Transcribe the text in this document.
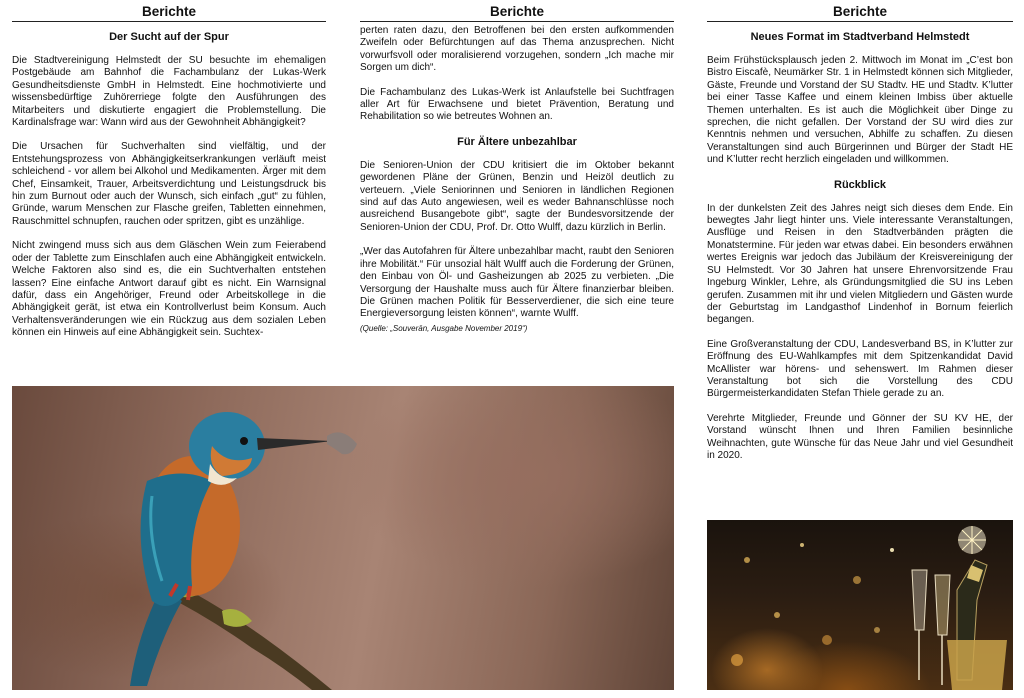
Berichte
Der Sucht auf der Spur

Die Stadtvereinigung Helmstedt der SU besuchte im ehemaligen Postgebäude am Bahnhof die Fachambulanz der Lukas-Werk Gesundheitsdienste GmbH in Helmstedt. Eine hochmotivierte und wissensbedürftige Zuhörerriege folgte den Ausführungen des Mitarbeiters und diskutierte engagiert die Problemstellung. Die Kardinalsfrage war: Wann wird aus der Gewohnheit Abhängigkeit?

Die Ursachen für Suchverhalten sind vielfältig, und der Entstehungsprozess von Abhängigkeitserkrankungen verläuft meist schleichend - vor allem bei Alkohol und Medikamenten. Ärger mit dem Chef, Einsamkeit, Trauer, Arbeitsverdichtung und Leistungsdruck bis hin zum Burnout oder auch der Wunsch, sich einfach „gut“ zu fühlen, Gründe, warum Menschen zur Flasche greifen, Tabletten einnehmen, Rauschmittel schnupfen, rauchen oder spritzen, gibt es unzählige.

Nicht zwingend muss sich aus dem Gläschen Wein zum Feierabend oder der Tablette zum Einschlafen auch eine Abhängigkeit entwickeln. Welche Faktoren also sind es, die ein Suchtverhalten entstehen lassen? Eine einfache Antwort darauf gibt es nicht. Ein Warnsignal dafür, dass ein Angehöriger, Freund oder Arbeitskollege in die Abhängigkeit gerät, ist etwa ein Kontrollverlust beim Konsum. Auch Verhaltensveränderungen wie ein Rückzug aus dem sozialen Leben können ein Hinweis auf eine Abhängigkeit sein. Suchtex-

Berichte

perten raten dazu, den Betroffenen bei den ersten aufkommenden Zweifeln oder Befürchtungen auf das Thema anzusprechen. Nicht vorwurfsvoll oder moralisierend vorzugehen, sondern „Ich mache mir Sorgen um dich“.

Die Fachambulanz des Lukas-Werk ist Anlaufstelle bei Suchtfragen aller Art für Erwachsene und bietet Prävention, Beratung und Rehabilitation so wie betreutes Wohnen an.

Für Ältere unbezahlbar

Die Senioren-Union der CDU kritisiert die im Oktober bekannt gewordenen Pläne der Grünen, Benzin und Heizöl deutlich zu verteuern. „Viele Seniorinnen und Senioren in ländlichen Regionen sind auf das Auto angewiesen, weil es weder Bahnanschlüsse noch ausreichend Busangebote gibt“, sagte der Bundesvorsitzende der Senioren-Union der CDU, Prof. Dr. Otto Wulff, dazu kürzlich in Berlin.

„Wer das Autofahren für Ältere unbezahlbar macht, raubt den Senioren ihre Mobilität.“ Für unsozial hält Wulff auch die Forderung der Grünen, den Einbau von Öl- und Gasheizungen ab 2025 zu verbieten. „Die Versorgung der Haushalte muss auch für Ältere finanzierbar bleiben. Die Grünen machen Politik für Besserverdiener, die sich eine teure Energieversorgung leisten können“, warnte Wulff.

(Quelle: „Souverän, Ausgabe November 2019“)

Berichte
Neues Format im Stadtverband Helmstedt

Beim Frühstücksplausch jeden 2. Mittwoch im Monat im „C’est bon Bistro Eiscafè, Neumärker Str. 1 in Helmstedt können sich Mitglieder, Gäste, Freunde und Vorstand der SU Stadtv. HE und Stadtv. K’lutter bei einer Tasse Kaffee und einem kleinen Imbiss über aktuelle Themen unterhalten. Es ist auch die Möglichkeit über Dinge zu sprechen, die nicht gefallen. Der Vorstand der SU wird dies zur Kenntnis nehmen und versuchen, Abhilfe zu schaffen. Zu diesen Veranstaltungen sind auch Bürgerinnen und Bürger der Stadt HE und K’lutter recht herzlich eingeladen und willkommen.

Rückblick

In der dunkelsten Zeit des Jahres neigt sich dieses dem Ende. Ein bewegtes Jahr liegt hinter uns. Viele interessante Veranstaltungen, Ausflüge und Reisen in den Stadtverbänden prägten die Monatstermine. Für jeden war etwas dabei. Ein besonders erwähnen wertes Ereignis war jedoch das Jubiläum der Kreisvereinigung der SU Helmstedt. Vor 30 Jahren hat unsere Ehrenvorsitzende Frau Ingeburg Winkler, Lehre, als Gründungsmitglied die SU ins Leben gerufen. Zusammen mit ihr und vielen Mitgliedern und Gästen wurde der Geburtstag im Landgasthof Lindenhof in Bornum feierlich begangen.

Eine Großveranstaltung der CDU, Landesverband BS, in K’lutter zur Eröffnung des EU-Wahlkampfes mit dem Spitzenkandidat David McAllister war hörens- und sehenswert. Im Rahmen dieser Veranstaltung bot sich die Vorstellung des CDU Bürgermeisterkandidaten Stefan Thiele gerade zu an.

Verehrte Mitglieder, Freunde und Gönner der SU KV HE, der Vorstand wünscht Ihnen und Ihren Familien besinnliche Weihnachten, gute Wünsche für das Neue Jahr und viel Gesundheit in 2020.
